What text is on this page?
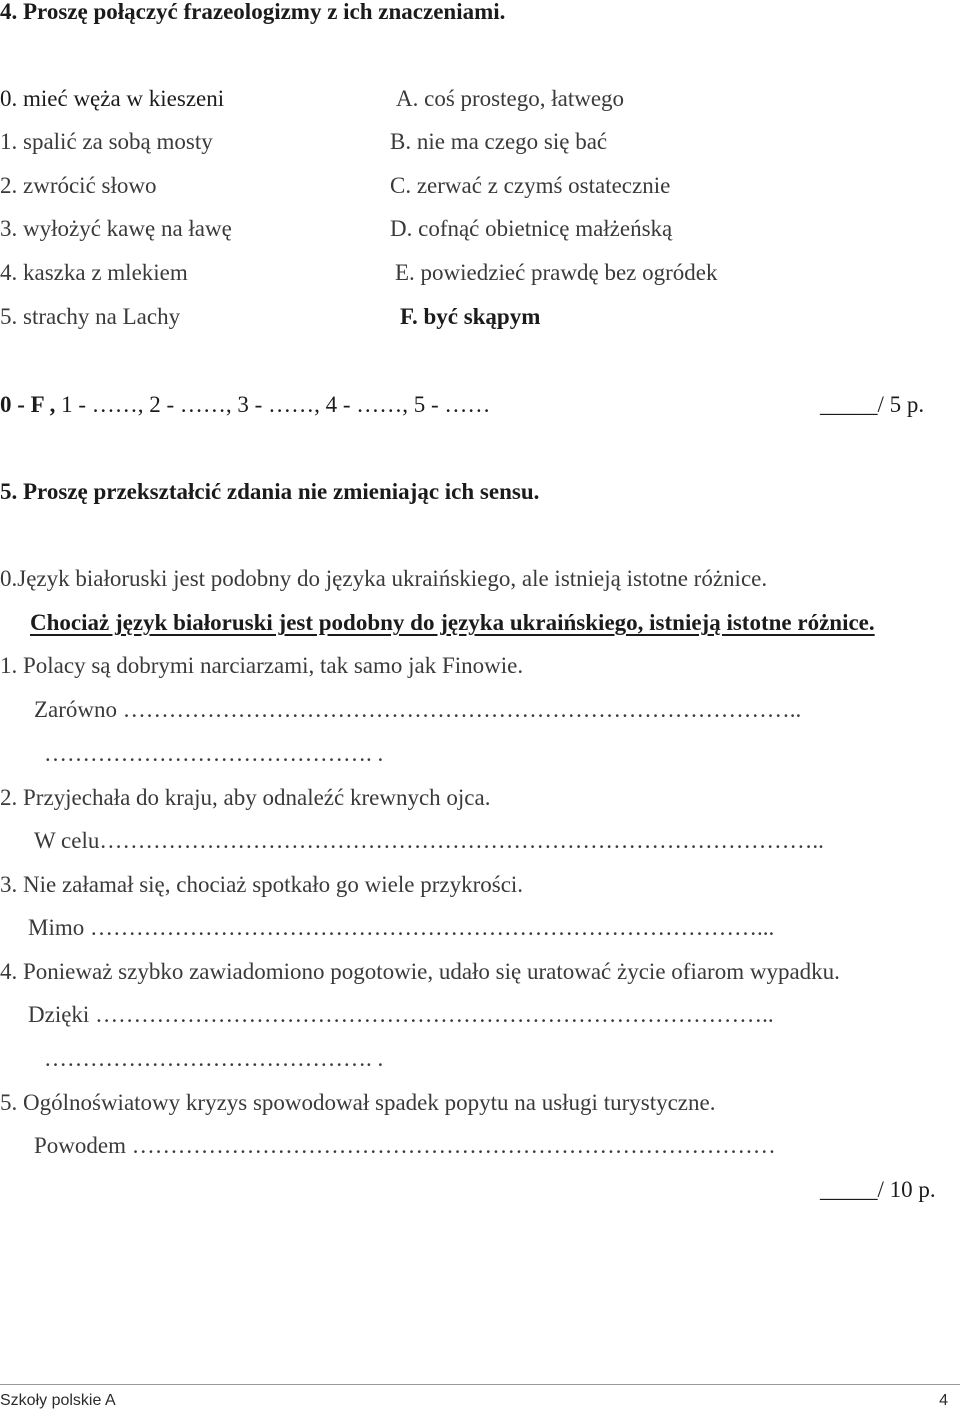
4. Proszę połączyć frazeologizmy z ich znaczeniami.
0. mieć węża w kieszeni
1. spalić za sobą mosty
2. zwrócić słowo
3. wyłożyć kawę na ławę
4. kaszka z mlekiem
5. strachy na Lachy
A. coś prostego, łatwego
B. nie ma czego się bać
C. zerwać z czymś ostatecznie
D. cofnąć obietnicę małżeńską
E. powiedzieć prawdę bez ogródek
F. być skąpym
0 - F , 1 - ……, 2 - ……, 3 - ……, 4 - ……, 5 - ……	_____/ 5 p.
5. Proszę przekształcić zdania nie zmieniając ich sensu.
0.Język białoruski jest podobny do języka ukraińskiego, ale istnieją istotne różnice.
Chociaż język białoruski jest podobny do języka ukraińskiego, istnieją istotne różnice.
1. Polacy są dobrymi narciarzami, tak samo jak Finowie.
Zarówno ……………………………………………………………………………..
……………………………………. .
2. Przyjechała do kraju, aby odnaleźć krewnych ojca.
W celu…………………………………………………………………………………..
3. Nie załamał się, chociaż spotkało go wiele przykrości.
Mimo ……………………………………………………………………………...
4. Ponieważ szybko zawiadomiono pogotowie, udało się uratować życie ofiarom wypadku.
Dzięki ……………………………………………………………………………..
……………………………………. .
5. Ogólnoświatowy kryzys spowodował spadek popytu na usługi turystyczne.
Powodem …………………………………………………………………………
_____/ 10 p.
Szkoły polskie A	4
